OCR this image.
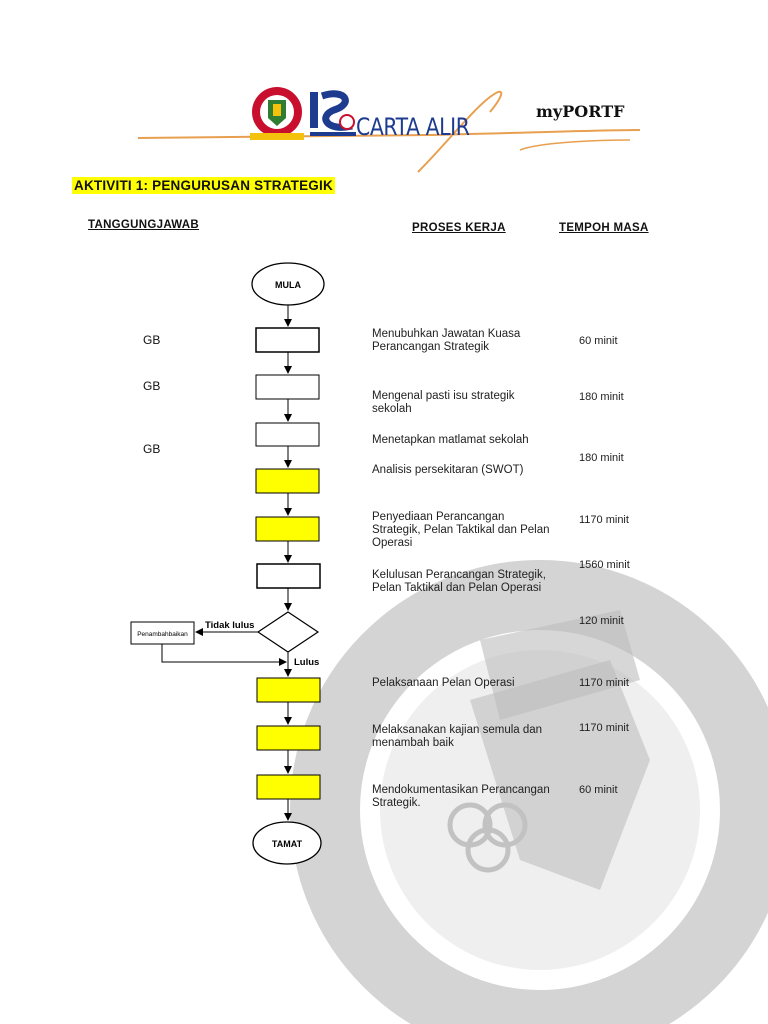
CARTA ALIR
myPORTF
AKTIVITI 1: PENGURUSAN STRATEGIK
TANGGUNGJAWAB	PROSES KERJA	TEMPOH MASA
GB
GB
GB
MULA
Penambahbaikan
Tidak lulus
Lulus
TAMAT
Menubuhkan Jawatan Kuasa Perancangan Strategik
Mengenal pasti isu strategik sekolah
Menetapkan matlamat sekolah
Analisis persekitaran (SWOT)
Penyediaan Perancangan Strategik, Pelan Taktikal dan Pelan Operasi
Kelulusan Perancangan Strategik, Pelan Taktikal dan Pelan Operasi
Pelaksanaan Pelan Operasi
Melaksanakan kajian semula dan menambah baik
Mendokumentasikan Perancangan Strategik.
60 minit
180 minit
180 minit
1170 minit
1560 minit
120 minit
1170 minit
1170 minit
60 minit
